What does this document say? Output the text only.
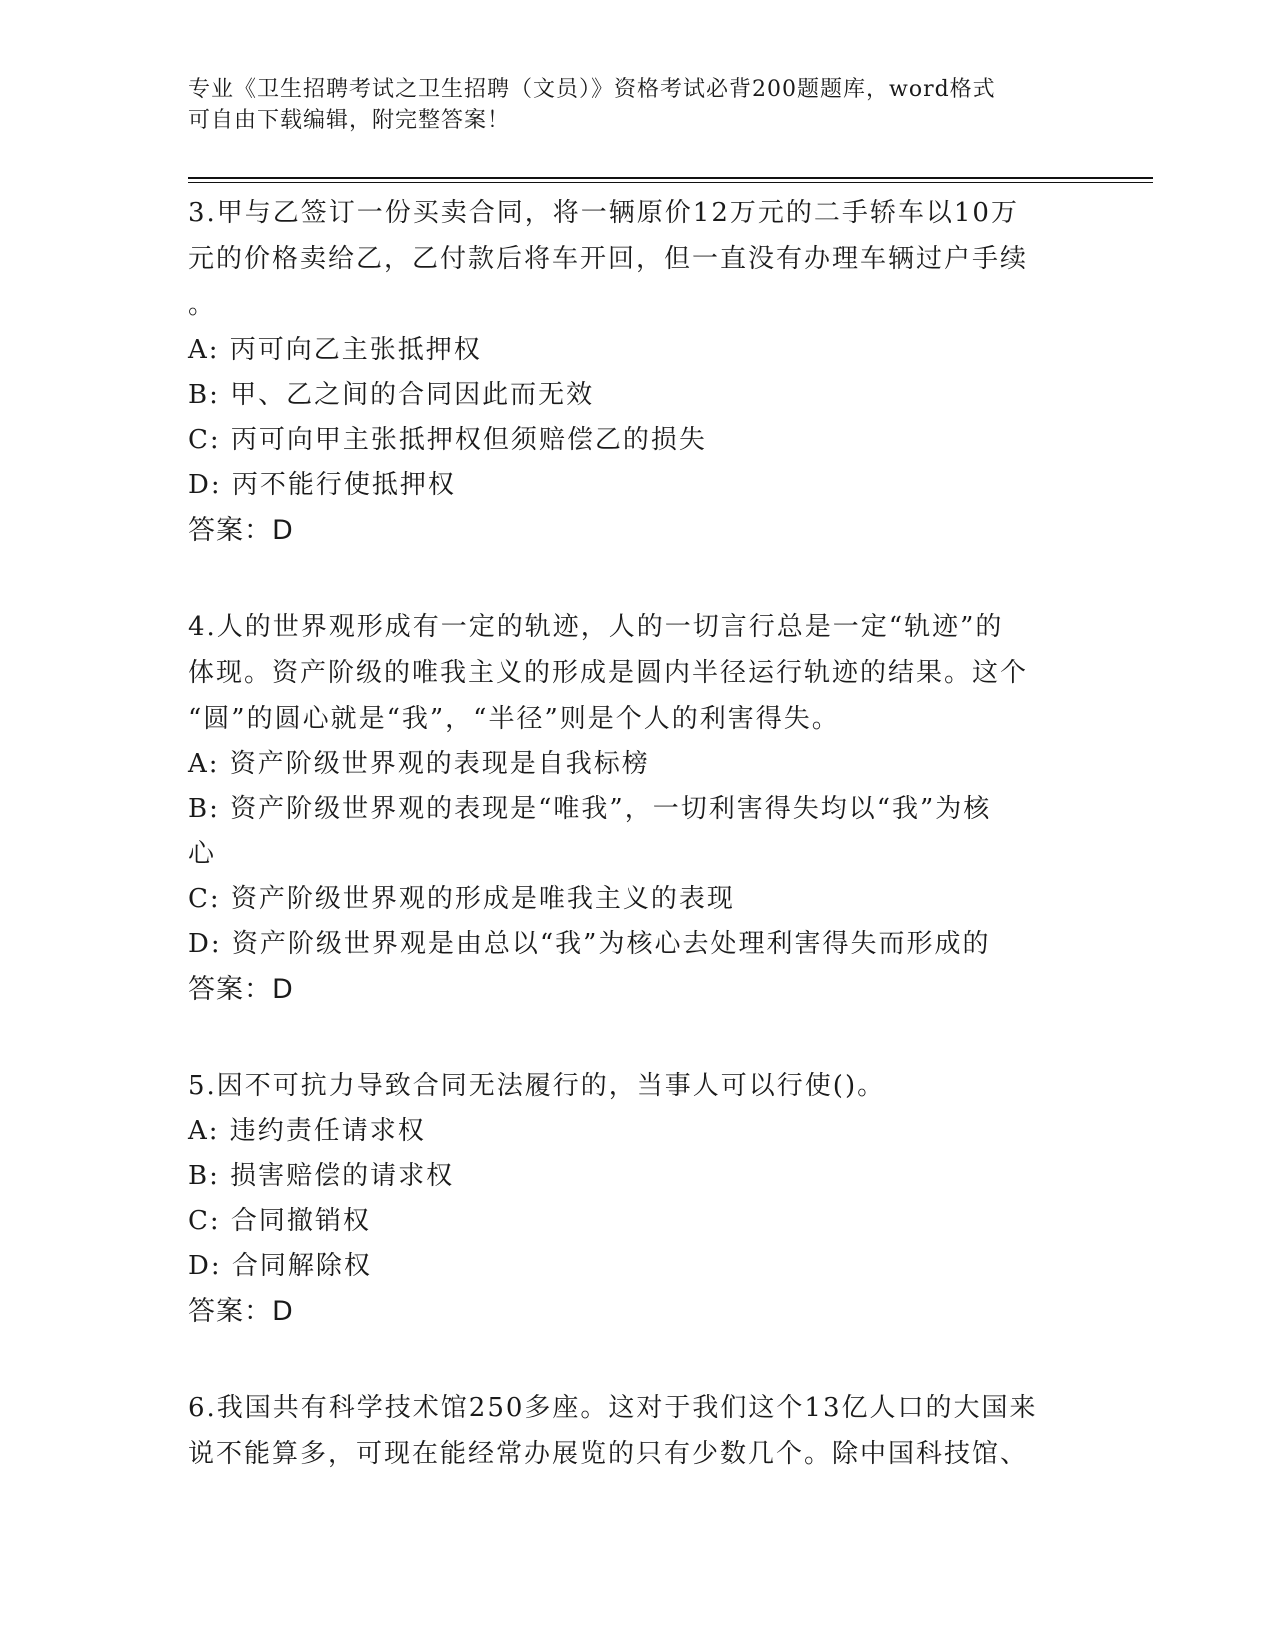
专业《卫生招聘考试之卫生招聘（文员）》资格考试必背200题题库，word格式
可自由下载编辑，附完整答案！

3.甲与乙签订一份买卖合同，将一辆原价12万元的二手轿车以10万

元的价格卖给乙，乙付款后将车开回，但一直没有办理车辆过户手续

。

A: 丙可向乙主张抵押权

B: 甲、乙之间的合同因此而无效

C: 丙可向甲主张抵押权但须赔偿乙的损失

D: 丙不能行使抵押权

答案：D

4.人的世界观形成有一定的轨迹，人的一切言行总是一定“轨迹”的

体现。资产阶级的唯我主义的形成是圆内半径运行轨迹的结果。这个

“圆”的圆心就是“我”，“半径”则是个人的利害得失。

A: 资产阶级世界观的表现是自我标榜

B: 资产阶级世界观的表现是“唯我”，一切利害得失均以“我”为核

心

C: 资产阶级世界观的形成是唯我主义的表现

D: 资产阶级世界观是由总以“我”为核心去处理利害得失而形成的

答案：D

5.因不可抗力导致合同无法履行的，当事人可以行使()。

A: 违约责任请求权

B: 损害赔偿的请求权

C: 合同撤销权

D: 合同解除权

答案：D

6.我国共有科学技术馆250多座。这对于我们这个13亿人口的大国来

说不能算多，可现在能经常办展览的只有少数几个。除中国科技馆、
